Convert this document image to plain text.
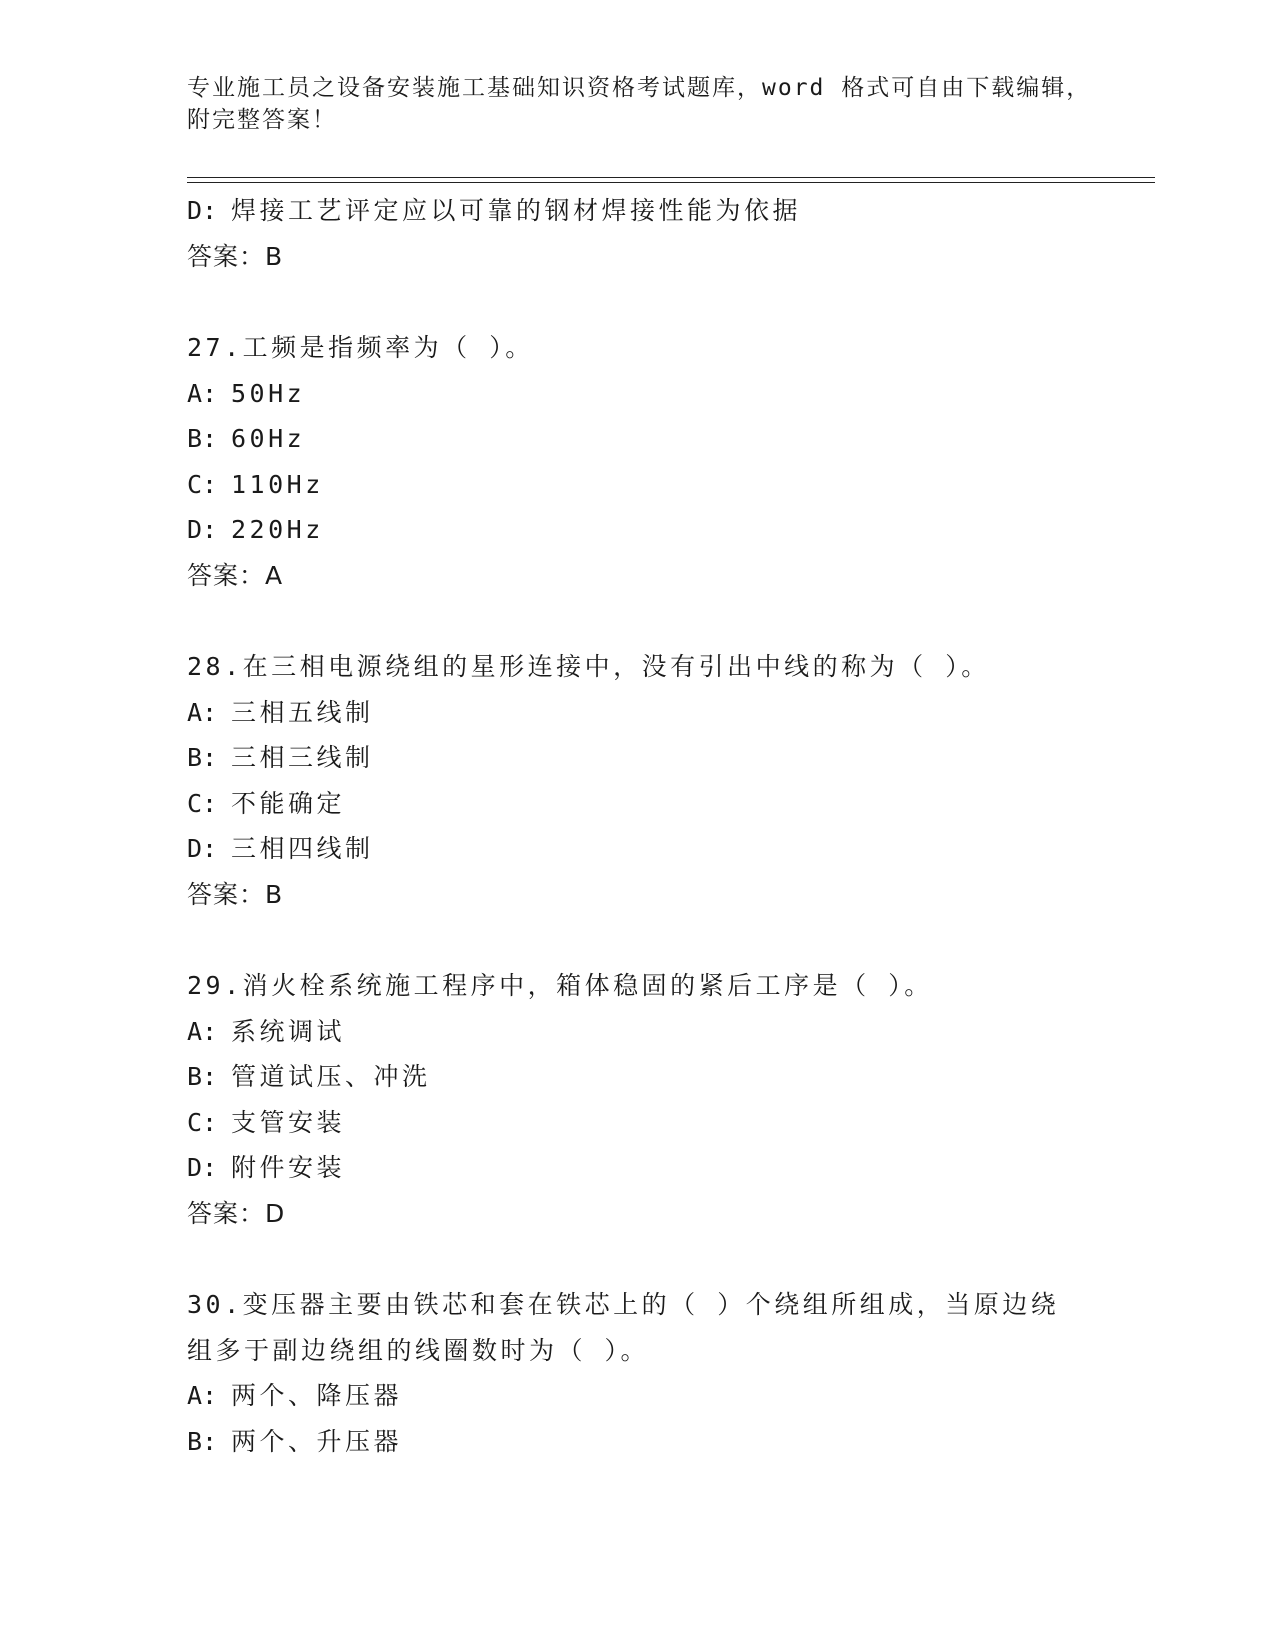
专业施工员之设备安装施工基础知识资格考试题库，word 格式可自由下载编辑，
附完整答案！
D: 焊接工艺评定应以可靠的钢材焊接性能为依据
答案：B
27.工频是指频率为（ ）。
A: 50Hz
B: 60Hz
C: 110Hz
D: 220Hz
答案：A
28.在三相电源绕组的星形连接中，没有引出中线的称为（ ）。
A: 三相五线制
B: 三相三线制
C: 不能确定
D: 三相四线制
答案：B
29.消火栓系统施工程序中，箱体稳固的紧后工序是（ ）。
A: 系统调试
B: 管道试压、冲洗
C: 支管安装
D: 附件安装
答案：D
30.变压器主要由铁芯和套在铁芯上的（ ）个绕组所组成，当原边绕
组多于副边绕组的线圈数时为（ ）。
A: 两个、降压器
B: 两个、升压器
